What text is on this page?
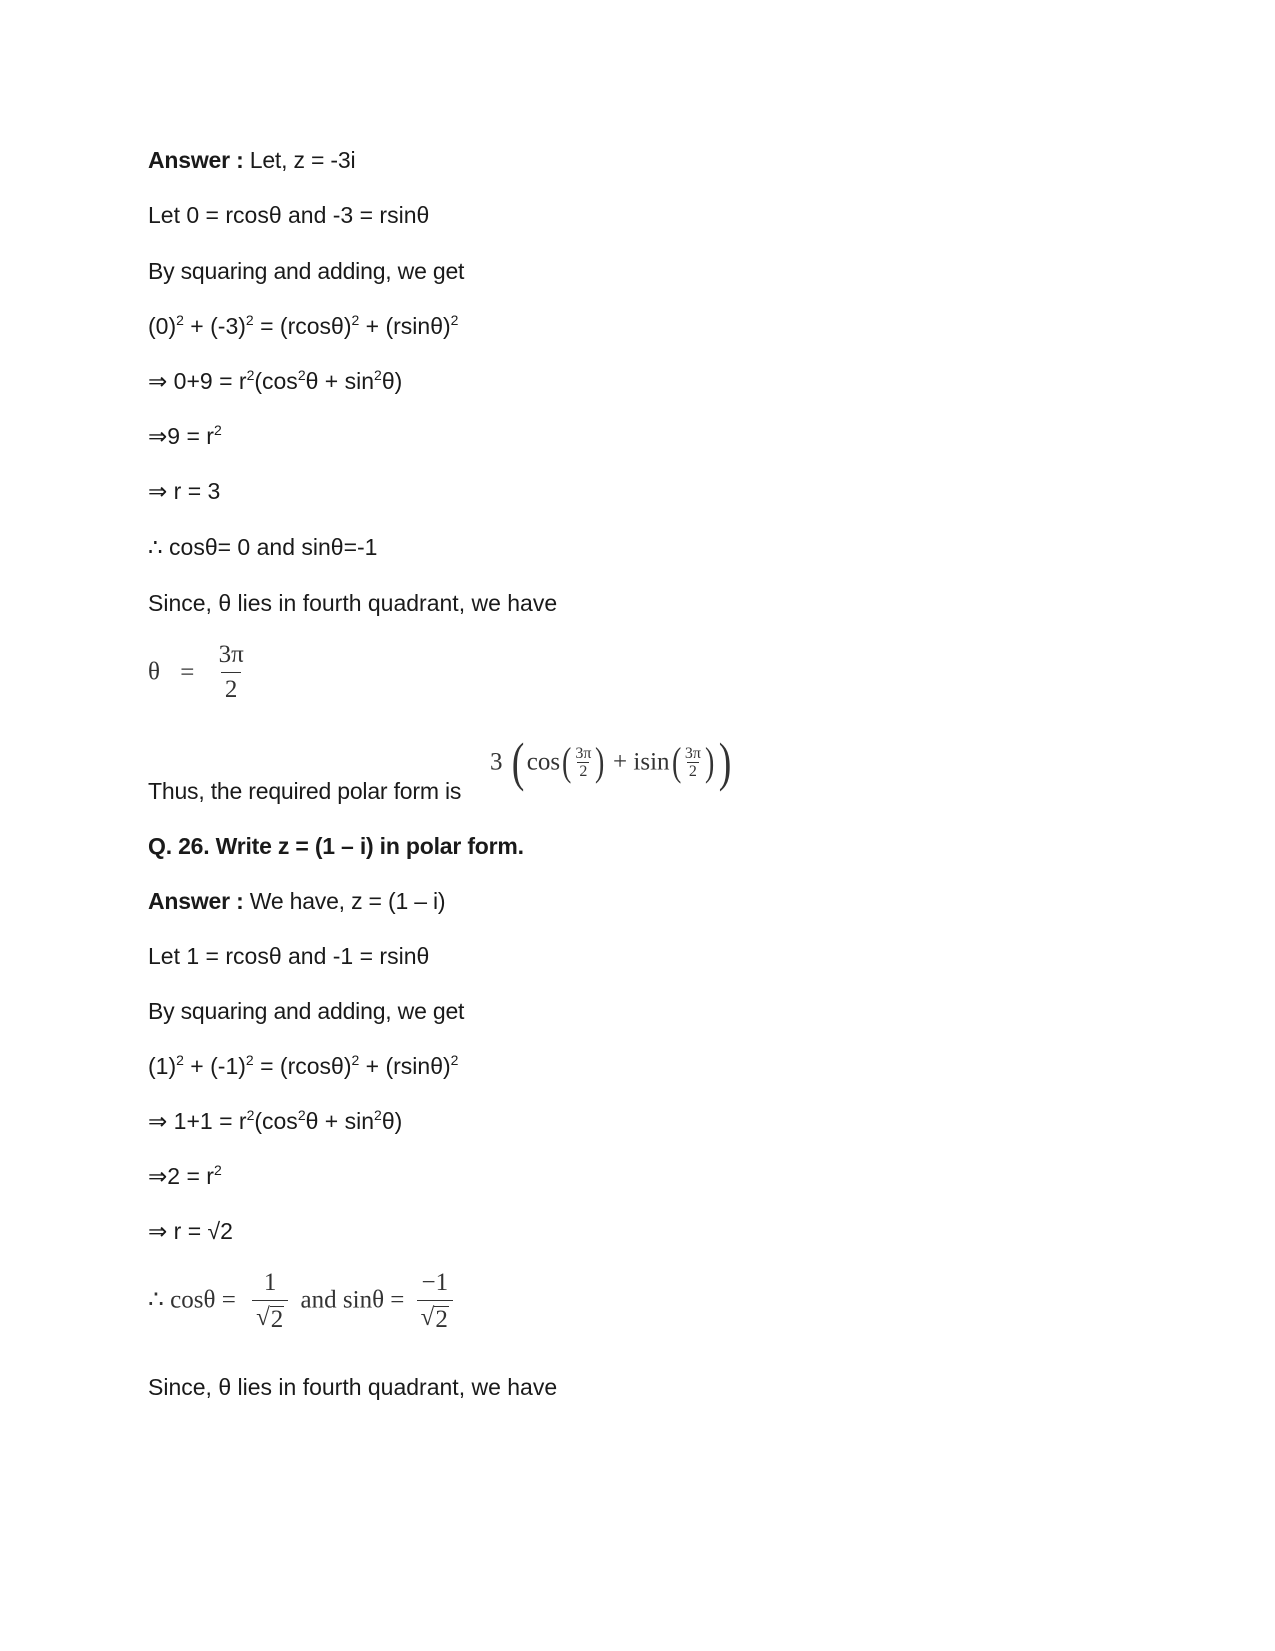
Answer : Let, z = -3i
Let 0 = rcosθ and -3 = rsinθ
By squaring and adding, we get
$(0)^2 + (-3)^2 = (rcos\theta)^2 + (rsin\theta)^2$
⇒ $0+9 = r^2(\cos^2\theta + \sin^2\theta)$
⇒9 = $r^2$
⇒ r = 3
∴ cosθ= 0 and sinθ=-1
Since, θ lies in fourth quadrant, we have
$\theta = \frac{3\pi}{2}$
Thus, the required polar form is
3 ( $\cos( \frac{3\pi}{2}$ ) + $isin( \frac{3\pi}{2}$ ))
Q. 26. Write z = (1 – i) in polar form.
Answer : We have, z = (1 – i)
Let 1 = rcosθ and -1 = rsinθ
By squaring and adding, we get
$(1)^2 + (-1)^2 = (rcos\theta)^2 + (rsin\theta)^2$
⇒ $1+1 = r^2(\cos^2\theta + \sin^2\theta)$
⇒2 = $r^2$
⇒ r = √2
∴ $\cos\theta = \frac{1}{√ 2}$ and $\sin\theta = \frac{-1}{√ 2}$
Since, θ lies in fourth quadrant, we have
